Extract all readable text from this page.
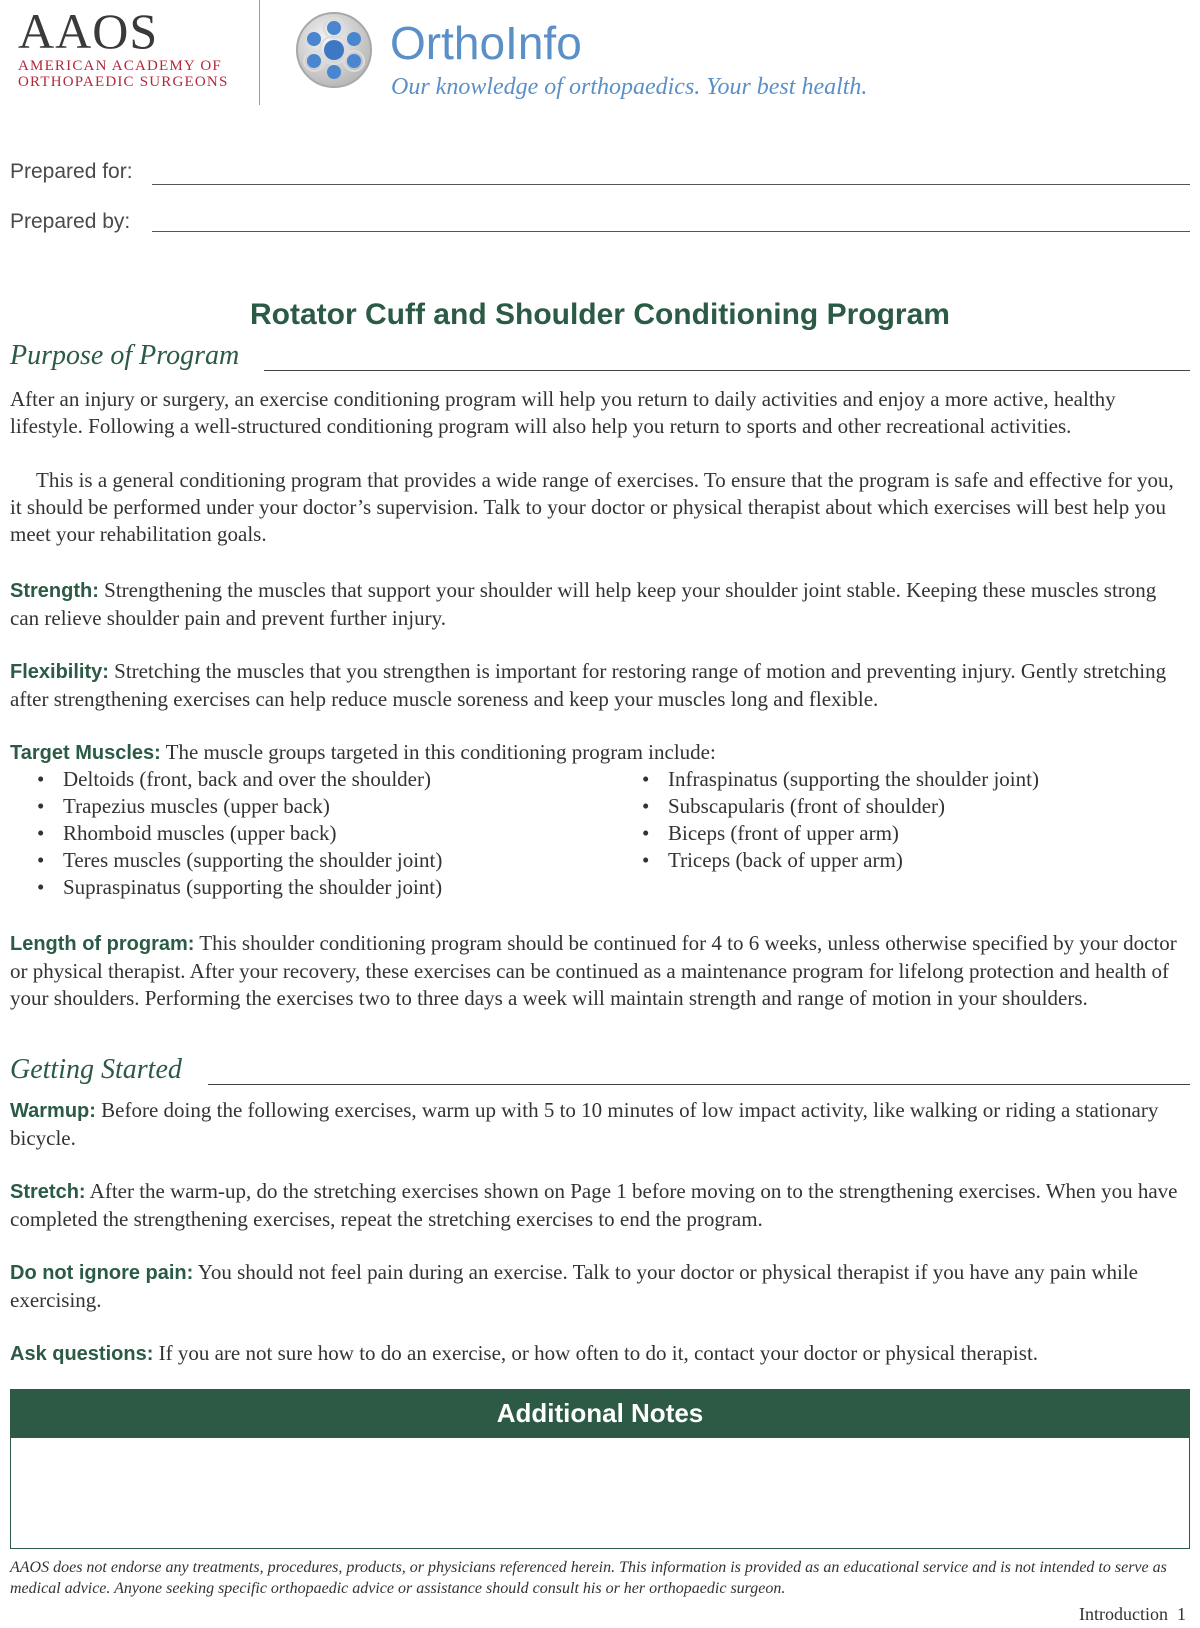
AAOS
AMERICAN ACADEMY OF
ORTHOPAEDIC SURGEONS
OrthoInfo
Our knowledge of orthopaedics. Your best health.
Prepared for:
Prepared by:
Rotator Cuff and Shoulder Conditioning Program
Purpose of Program
After an injury or surgery, an exercise conditioning program will help you return to daily activities and enjoy a more active, healthy lifestyle. Following a well-structured conditioning program will also help you return to sports and other recreational activities.
This is a general conditioning program that provides a wide range of exercises. To ensure that the program is safe and effective for you, it should be performed under your doctor’s supervision. Talk to your doctor or physical therapist about which exercises will best help you meet your rehabilitation goals.
Strength: Strengthening the muscles that support your shoulder will help keep your shoulder joint stable. Keeping these muscles strong can relieve shoulder pain and prevent further injury.
Flexibility: Stretching the muscles that you strengthen is important for restoring range of motion and preventing injury. Gently stretching after strengthening exercises can help reduce muscle soreness and keep your muscles long and flexible.
Target Muscles: The muscle groups targeted in this conditioning program include:
• Deltoids (front, back and over the shoulder)
• Trapezius muscles (upper back)
• Rhomboid muscles (upper back)
• Teres muscles (supporting the shoulder joint)
• Supraspinatus (supporting the shoulder joint)
• Infraspinatus (supporting the shoulder joint)
• Subscapularis (front of shoulder)
• Biceps (front of upper arm)
• Triceps (back of upper arm)
Length of program: This shoulder conditioning program should be continued for 4 to 6 weeks, unless otherwise specified by your doctor or physical therapist. After your recovery, these exercises can be continued as a maintenance program for lifelong protection and health of your shoulders. Performing the exercises two to three days a week will maintain strength and range of motion in your shoulders.
Getting Started
Warmup: Before doing the following exercises, warm up with 5 to 10 minutes of low impact activity, like walking or riding a stationary bicycle.
Stretch: After the warm-up, do the stretching exercises shown on Page 1 before moving on to the strengthening exercises. When you have completed the strengthening exercises, repeat the stretching exercises to end the program.
Do not ignore pain: You should not feel pain during an exercise. Talk to your doctor or physical therapist if you have any pain while exercising.
Ask questions: If you are not sure how to do an exercise, or how often to do it, contact your doctor or physical therapist.
Additional Notes
AAOS does not endorse any treatments, procedures, products, or physicians referenced herein. This information is provided as an educational service and is not intended to serve as medical advice. Anyone seeking specific orthopaedic advice or assistance should consult his or her orthopaedic surgeon.
Introduction 1
